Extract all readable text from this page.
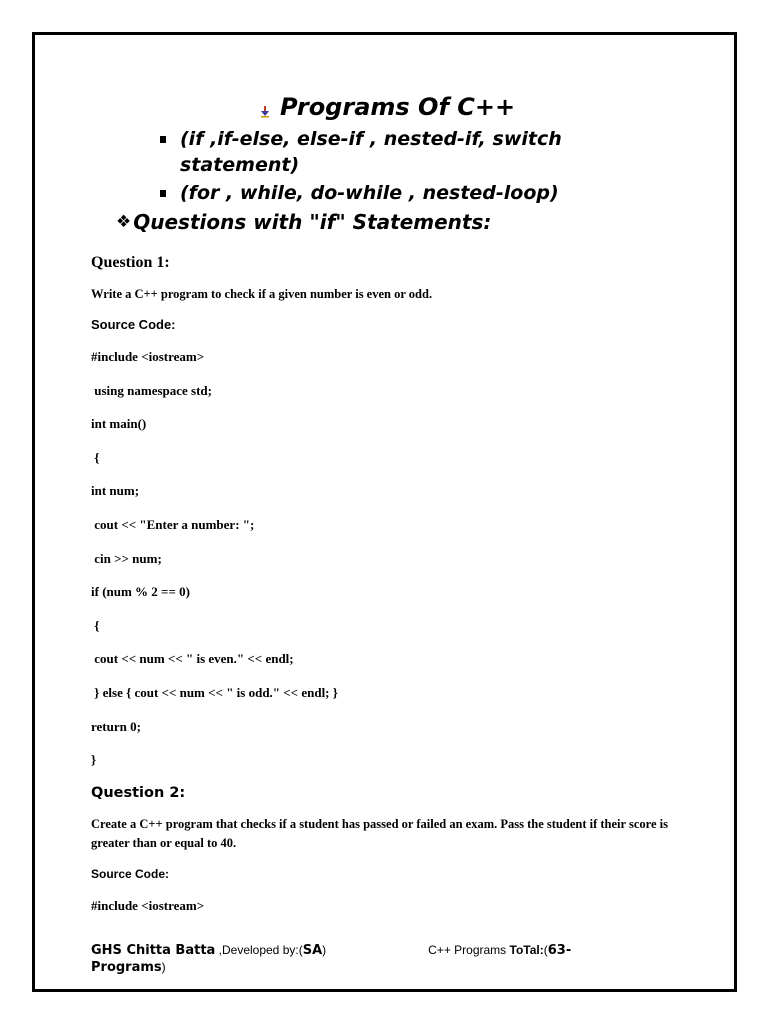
Programs Of C++
(if ,if-else, else-if , nested-if, switch statement)
(for , while, do-while , nested-loop)
❖ Questions with "if" Statements:
Question 1:
Write a C++ program to check if a given number is even or odd.
Source Code:
#include <iostream>
using namespace std;
int main()
{
int num;
cout << "Enter a number: ";
cin >> num;
if (num % 2 == 0)
{
cout << num << " is even." << endl;
} else { cout << num << " is odd." << endl; }
return 0;
}
Question 2:
Create a C++ program that checks if a student has passed or failed an exam. Pass the student if their score is greater than or equal to 40.
Source Code:
#include <iostream>
GHS Chitta Batta ,Developed by:(SA)	C++ Programs ToTal:(63-
Programs)
